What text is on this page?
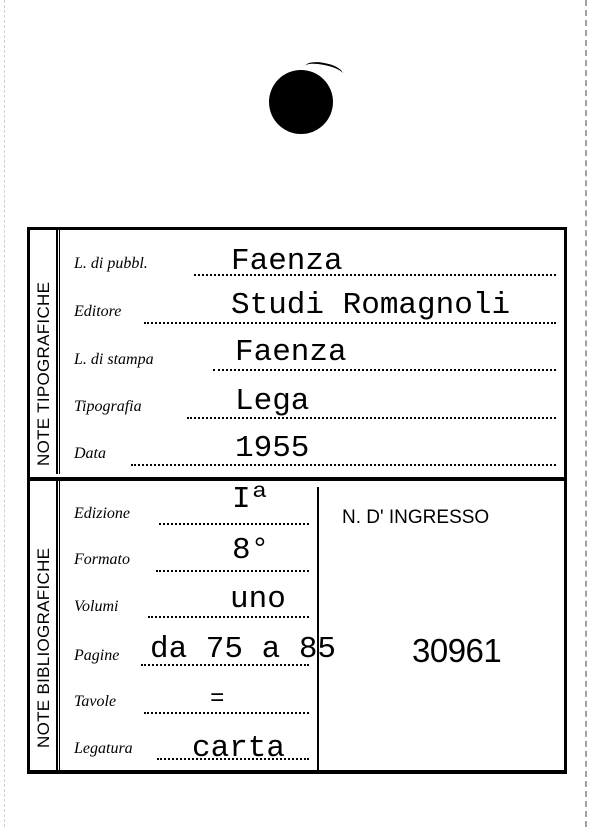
NOTE TIPOGRAFICHE
NOTE BIBLIOGRAFICHE
L. di pubbl.	Faenza
Editore	Studi Romagnoli
L. di stampa	Faenza
Tipografia	Lega
Data	1955
Edizione	Iª
Formato	8°
Volumi	uno
Pagine da 75 a 85
Tavole	=
Legatura carta
N. D' INGRESSO
30961
